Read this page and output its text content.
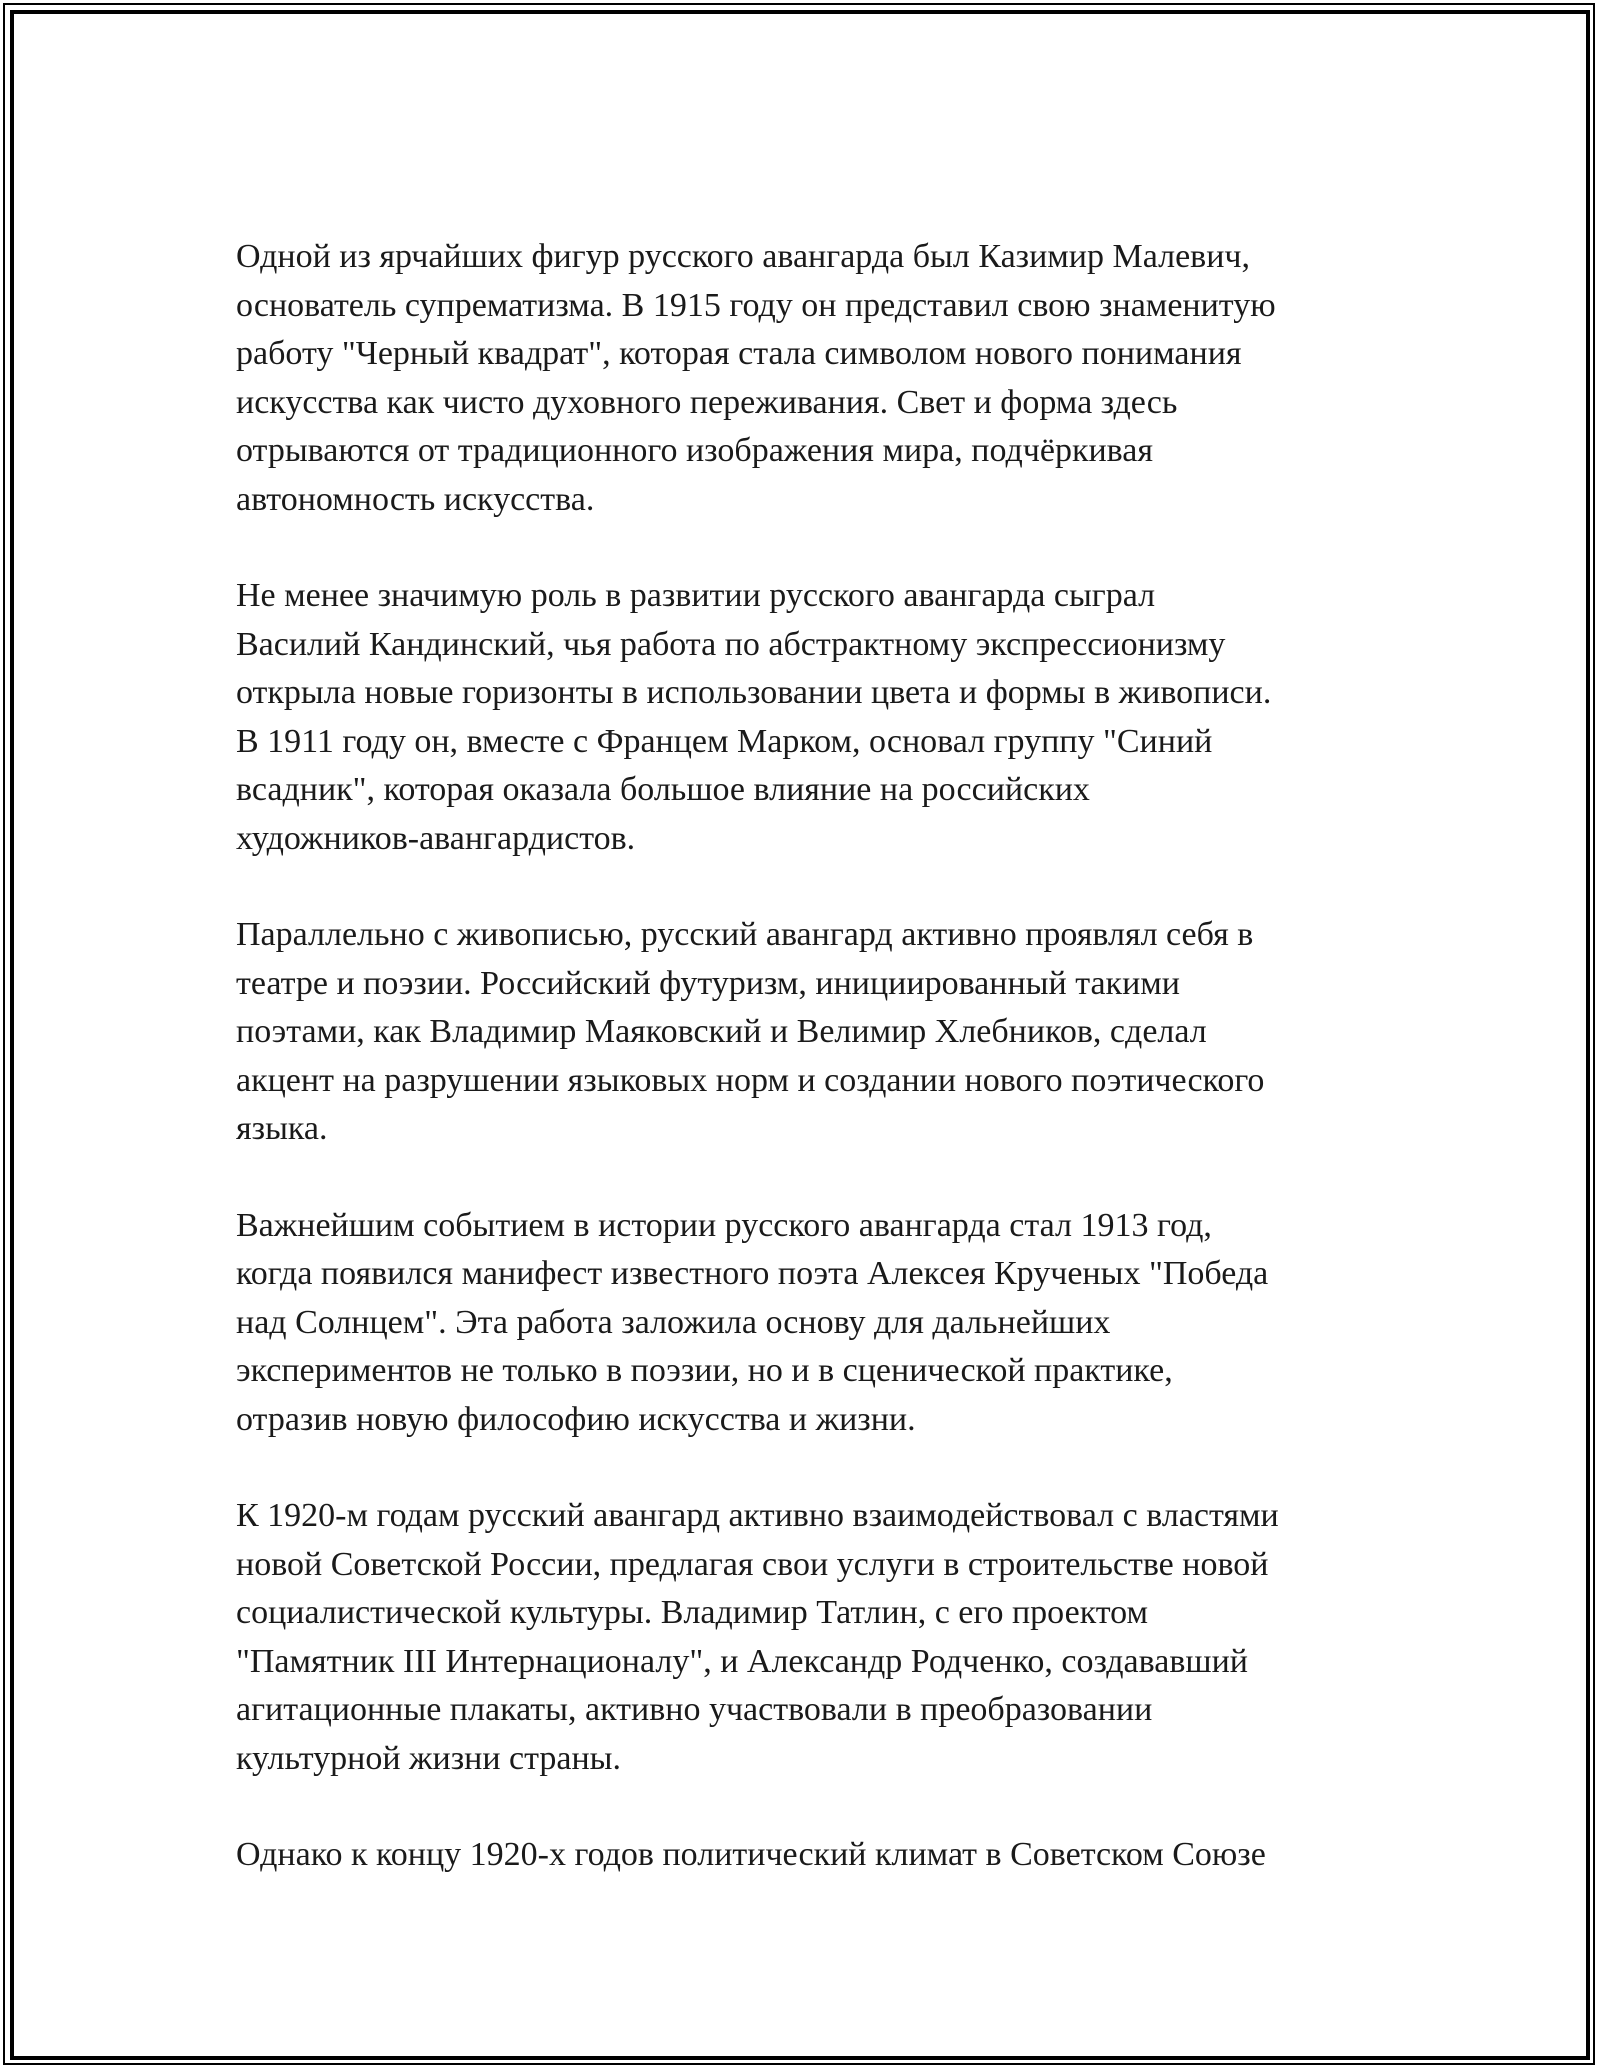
Одной из ярчайших фигур русского авангарда был Казимир Малевич,
основатель супрематизма. В 1915 году он представил свою знаменитую
работу "Черный квадрат", которая стала символом нового понимания
искусства как чисто духовного переживания. Свет и форма здесь
отрываются от традиционного изображения мира, подчёркивая
автономность искусства.

Не менее значимую роль в развитии русского авангарда сыграл
Василий Кандинский, чья работа по абстрактному экспрессионизму
открыла новые горизонты в использовании цвета и формы в живописи.
В 1911 году он, вместе с Францем Марком, основал группу "Синий
всадник", которая оказала большое влияние на российских
художников-авангардистов.

Параллельно с живописью, русский авангард активно проявлял себя в
театре и поэзии. Российский футуризм, инициированный такими
поэтами, как Владимир Маяковский и Велимир Хлебников, сделал
акцент на разрушении языковых норм и создании нового поэтического
языка.

Важнейшим событием в истории русского авангарда стал 1913 год,
когда появился манифест известного поэта Алексея Крученых "Победа
над Солнцем". Эта работа заложила основу для дальнейших
экспериментов не только в поэзии, но и в сценической практике,
отразив новую философию искусства и жизни.

К 1920-м годам русский авангард активно взаимодействовал с властями
новой Советской России, предлагая свои услуги в строительстве новой
социалистической культуры. Владимир Татлин, с его проектом
"Памятник III Интернационалу", и Александр Родченко, создававший
агитационные плакаты, активно участвовали в преобразовании
культурной жизни страны.

Однако к концу 1920-х годов политический климат в Советском Союзе
